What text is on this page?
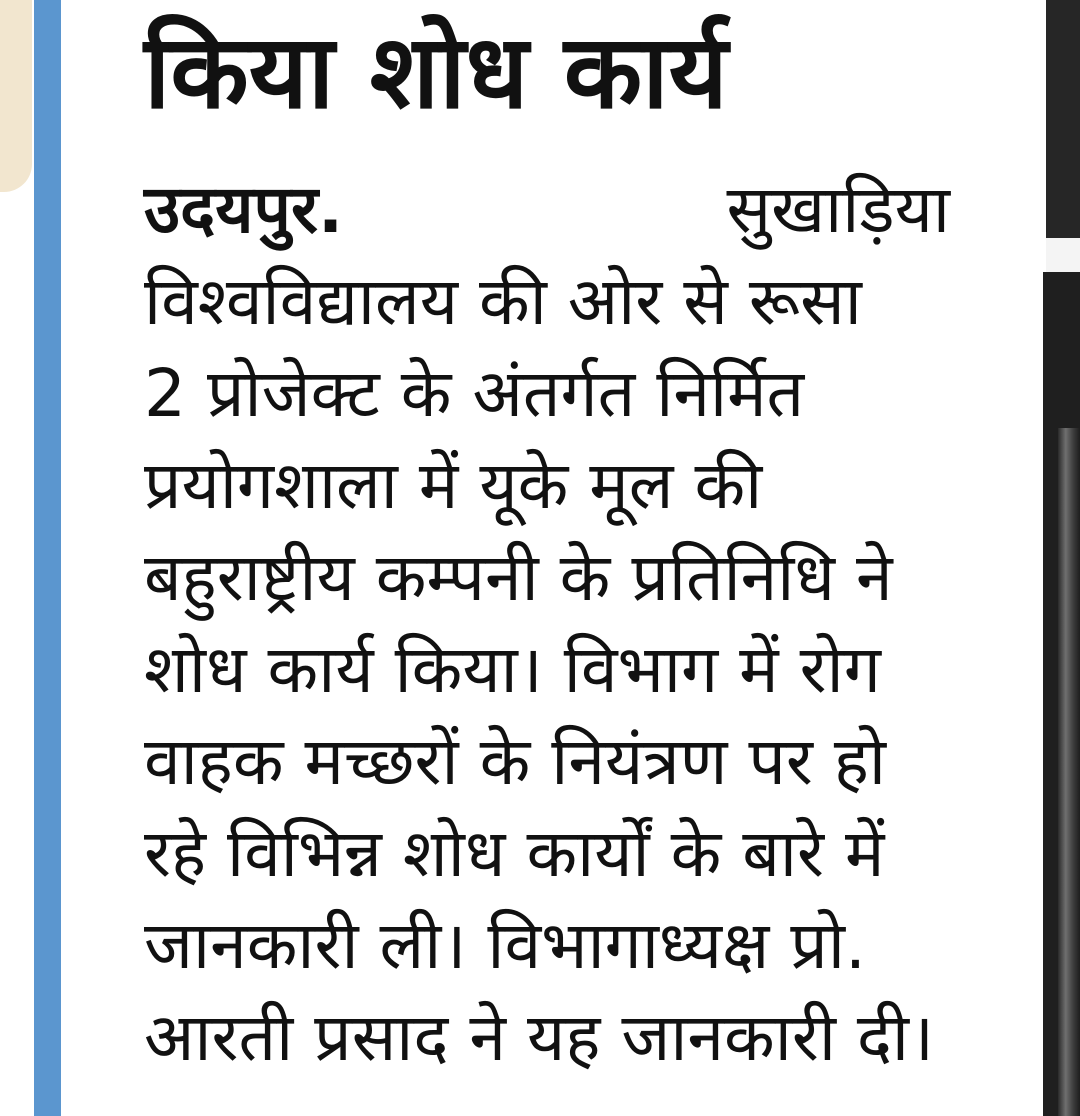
किया शोध कार्य
उदयपुर.	सुखाड़िया
विश्वविद्यालय की ओर से रूसा
2 प्रोजेक्ट के अंतर्गत निर्मित
प्रयोगशाला में यूके मूल की
बहुराष्ट्रीय कम्पनी के प्रतिनिधि ने
शोध कार्य किया। विभाग में रोग
वाहक मच्छरों के नियंत्रण पर हो
रहे विभिन्न शोध कार्यों के बारे में
जानकारी ली। विभागाध्यक्ष प्रो.
आरती प्रसाद ने यह जानकारी दी।
